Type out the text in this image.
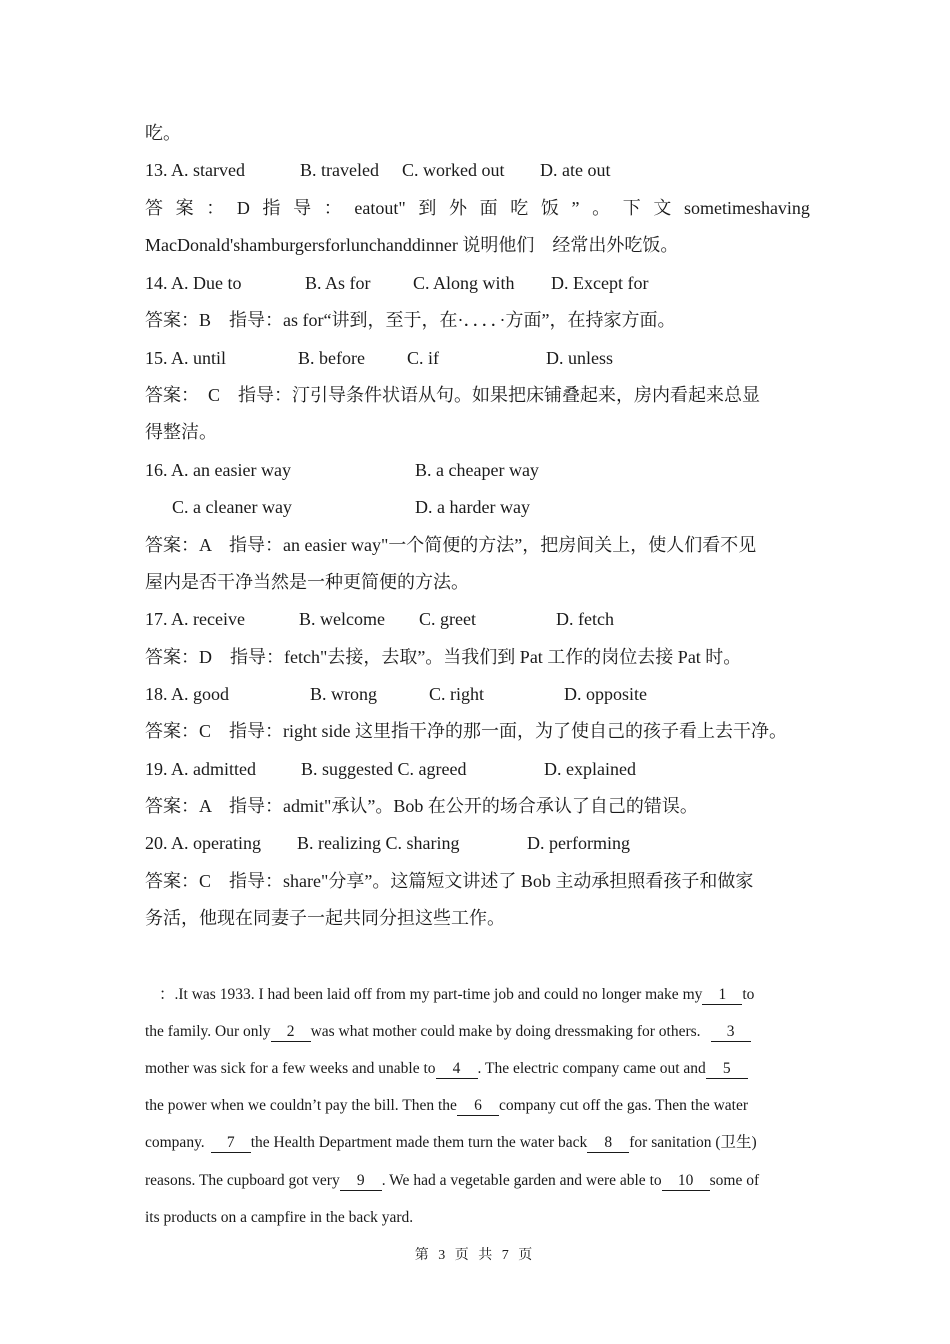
吃。
13. A. starved	B. traveled C. worked out D. ate out
答 案 ： D 指 导 ： eatout" 到 外 面 吃 饭 ” 。 下 文 sometimeshaving
MacDonald'shamburgersforlunchanddinner 说明他们　经常出外吃饭。
14. A. Due to	B. As for C. Along with D. Except for
答案：B　指导：as for“讲到，至于，在·．．．．·方面”，在持家方面。
15. A. until	B. before C. if	D. unless
答案：　C　指导：汀引导条件状语从句。如果把床铺叠起来，房内看起来总显
得整洁。
16. A. an easier way	B. a cheaper way
C. a cleaner way	D. a harder way
答案：A　指导：an easier way"一个简便的方法”，把房间关上，使人们看不见
屋内是否干净当然是一种更简便的方法。
17. A. receive	B. welcome C. greet	D. fetch
答案：D　指导：fetch"去接，去取”。当我们到 Pat 工作的岗位去接 Pat 时。
18. A. good	B. wrong	C. right	D. opposite
答案：C　指导：right side 这里指干净的那一面，为了使自己的孩子看上去干净。
19. A. admitted	B. suggested C. agreed	D. explained
答案：A　指导：admit"承认”。Bob 在公开的场合承认了自己的错误。
20. A. operating B. realizing C. sharing	D. performing
答案：C　指导：share"分享”。这篇短文讲述了 Bob 主动承担照看孩子和做家
务活，他现在同妻子一起共同分担这些工作。
：.It was 1933. I had been laid off from my part-time job and could no longer make my 1 to
the family. Our only 2 was what mother could make by doing dressmaking for others. 3
mother was sick for a few weeks and unable to 4 . The electric company came out and 5
the power when we couldn’t pay the bill. Then the 6 company cut off the gas. Then the water
company. 7 the Health Department made them turn the water back 8 for sanitation (卫生)
reasons. The cupboard got very 9 . We had a vegetable garden and were able to 10 some of
its products on a campfire in the back yard.
第 3 页 共 7 页
